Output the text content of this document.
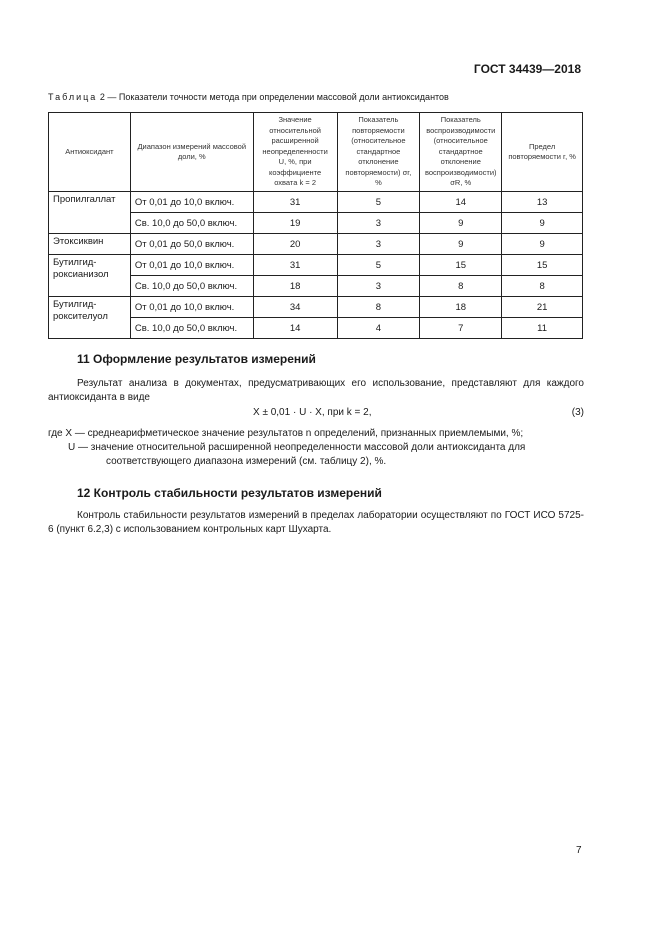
ГОСТ 34439—2018
Таблица 2 — Показатели точности метода при определении массовой доли антиоксидантов
Антиоксидант	Диапазон измерений массовой доли, %	Значение относительной расширенной неопределенности U, %, при коэффициенте охвата k = 2	Показатель повторяемости (относительное стандартное отклонение повторяемости) σr, %	Показатель воспроизводимости (относительное стандартное отклонение воспроизводимости) σR, %	Предел повторяемости r, %
Пропилгаллат	От 0,01 до 10,0 включ.	31	5	14	13
	Св. 10,0 до 50,0 включ.	19	3	9	9
Этоксиквин	От 0,01 до 50,0 включ.	20	3	9	9
Бутилгид-роксианизол	От 0,01 до 10,0 включ.	31	5	15	15
	Св. 10,0 до 50,0 включ.	18	3	8	8
Бутилгид-роксителуол	От 0,01 до 10,0 включ.	34	8	18	21
	Св. 10,0 до 50,0 включ.	14	4	7	11
11 Оформление результатов измерений
Результат анализа в документах, предусматривающих его использование, представляют для каждого антиоксиданта в виде
X ± 0,01 · U · X, при k = 2,	(3)
где X — среднеарифметическое значение результатов n определений, признанных приемлемыми, %;
U — значение относительной расширенной неопределенности массовой доли антиоксиданта для
соответствующего диапазона измерений (см. таблицу 2), %.
12 Контроль стабильности результатов измерений
Контроль стабильности результатов измерений в пределах лаборатории осуществляют по ГОСТ ИСО 5725-6 (пункт 6.2,3) с использованием контрольных карт Шухарта.
7
